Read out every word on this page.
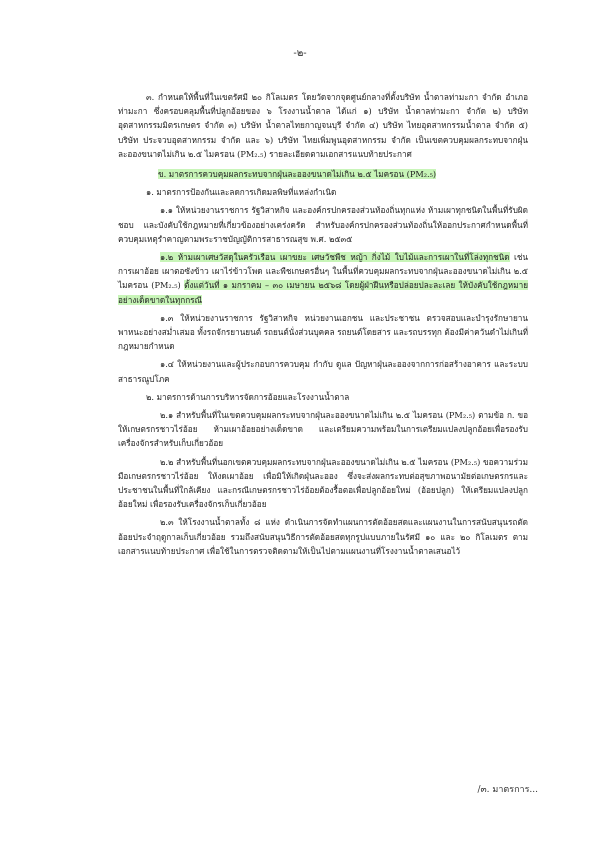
-๒-

๓. กำหนดให้พื้นที่ในเขตรัศมี ๒๐ กิโลเมตร โดยวัดจากจุดศูนย์กลางที่ตั้งบริษัท น้ำตาลท่ามะกา จำกัด อำเภอท่ามะกา ซึ่งครอบคลุมพื้นที่ปลูกอ้อยของ ๖ โรงงานน้ำตาล ได้แก่ ๑) บริษัท น้ำตาลท่ามะกา จำกัด ๒) บริษัท อุตสาหกรรมมิตรเกษตร จำกัด ๓) บริษัท น้ำตาลไทยกาญจนบุรี จำกัด ๔) บริษัท ไทยอุตสาหกรรมน้ำตาล จำกัด ๕) บริษัท ประจวบอุตสาหกรรม จำกัด และ ๖) บริษัท ไทยเพิ่มพูนอุตสาหกรรม จำกัด เป็นเขตควบคุมผลกระทบจากฝุ่นละอองขนาดไม่เกิน ๒.๕ ไมครอน (PM₂.₅) รายละเอียดตามเอกสารแนบท้ายประกาศ

ข. มาตรการควบคุมผลกระทบจากฝุ่นละอองขนาดไม่เกิน ๒.๕ ไมครอน (PM₂.₅)

๑. มาตรการป้องกันและลดการเกิดมลพิษที่แหล่งกำเนิด

๑.๑ ให้หน่วยงานราชการ รัฐวิสาหกิจ และองค์กรปกครองส่วนท้องถิ่นทุกแห่ง ห้ามเผาทุกชนิดในพื้นที่รับผิดชอบ และบังคับใช้กฎหมายที่เกี่ยวข้องอย่างเคร่งครัด สำหรับองค์กรปกครองส่วนท้องถิ่นให้ออกประกาศกำหนดพื้นที่ควบคุมเหตุรำคาญตามพระราชบัญญัติการสาธารณสุข พ.ศ. ๒๕๓๕

๑.๒ ห้ามเผาเศษวัสดุในครัวเรือน เผาขยะ เศษวัชพืช หญ้า กิ่งไม้ ใบไม้และการเผาในที่โล่งทุกชนิด เช่น การเผาอ้อย เผาตอซังข้าว เผาไร่ข้าวโพด และพืชเกษตรอื่นๆ ในพื้นที่ควบคุมผลกระทบจากฝุ่นละอองขนาดไม่เกิน ๒.๕ ไมครอน (PM₂.₅) ตั้งแต่วันที่ ๑ มกราคม – ๓๐ เมษายน ๒๕๖๘ โดยผู้ฝ่าฝืนหรือปล่อยปละละเลย ให้บังคับใช้กฎหมายอย่างเด็ดขาดในทุกกรณี

๑.๓ ให้หน่วยงานราชการ รัฐวิสาหกิจ หน่วยงานเอกชน และประชาชน ตรวจสอบและบำรุงรักษายานพาหนะอย่างสม่ำเสมอ ทั้งรถจักรยานยนต์ รถยนต์นั่งส่วนบุคคล รถยนต์โดยสาร และรถบรรทุก ต้องมีค่าควันดำไม่เกินที่กฎหมายกำหนด

๑.๔ ให้หน่วยงานและผู้ประกอบการควบคุม กำกับ ดูแล ปัญหาฝุ่นละอองจากการก่อสร้างอาคาร และระบบสาธารณูปโภค

๒. มาตรการด้านการบริหารจัดการอ้อยและโรงงานน้ำตาล

๒.๑ สำหรับพื้นที่ในเขตควบคุมผลกระทบจากฝุ่นละอองขนาดไม่เกิน ๒.๕ ไมครอน (PM₂.₅) ตามข้อ ก. ขอให้เกษตรกรชาวไร่อ้อย ห้ามเผาอ้อยอย่างเด็ดขาด และเตรียมความพร้อมในการเตรียมแปลงปลูกอ้อยเพื่อรองรับเครื่องจักรสำหรับเก็บเกี่ยวอ้อย

๒.๒ สำหรับพื้นที่นอกเขตควบคุมผลกระทบจากฝุ่นละอองขนาดไม่เกิน ๒.๕ ไมครอน (PM₂.₅) ขอความร่วมมือเกษตรกรชาวไร่อ้อย ให้งดเผาอ้อย เพื่อมิให้เกิดฝุ่นละออง ซึ่งจะส่งผลกระทบต่อสุขภาพอนามัยต่อเกษตรกรและประชาชนในพื้นที่ใกล้เคียง และกรณีเกษตรกรชาวไร่อ้อยต้องรื้อตอเพื่อปลูกอ้อยใหม่ (อ้อยปลูก) ให้เตรียมแปลงปลูกอ้อยใหม่ เพื่อรองรับเครื่องจักรเก็บเกี่ยวอ้อย

๒.๓ ให้โรงงานน้ำตาลทั้ง ๘ แห่ง ดำเนินการจัดทำแผนการตัดอ้อยสดและแผนงานในการสนับสนุนรถตัดอ้อยประจำฤดูกาลเก็บเกี่ยวอ้อย รวมถึงสนับสนุนวิธีการตัดอ้อยสดทุกรูปแบบภายในรัศมี ๑๐ และ ๒๐ กิโลเมตร ตามเอกสารแนบท้ายประกาศ เพื่อใช้ในการตรวจติดตามให้เป็นไปตามแผนงานที่โรงงานน้ำตาลเสนอไว้

/๓. มาตรการ...
